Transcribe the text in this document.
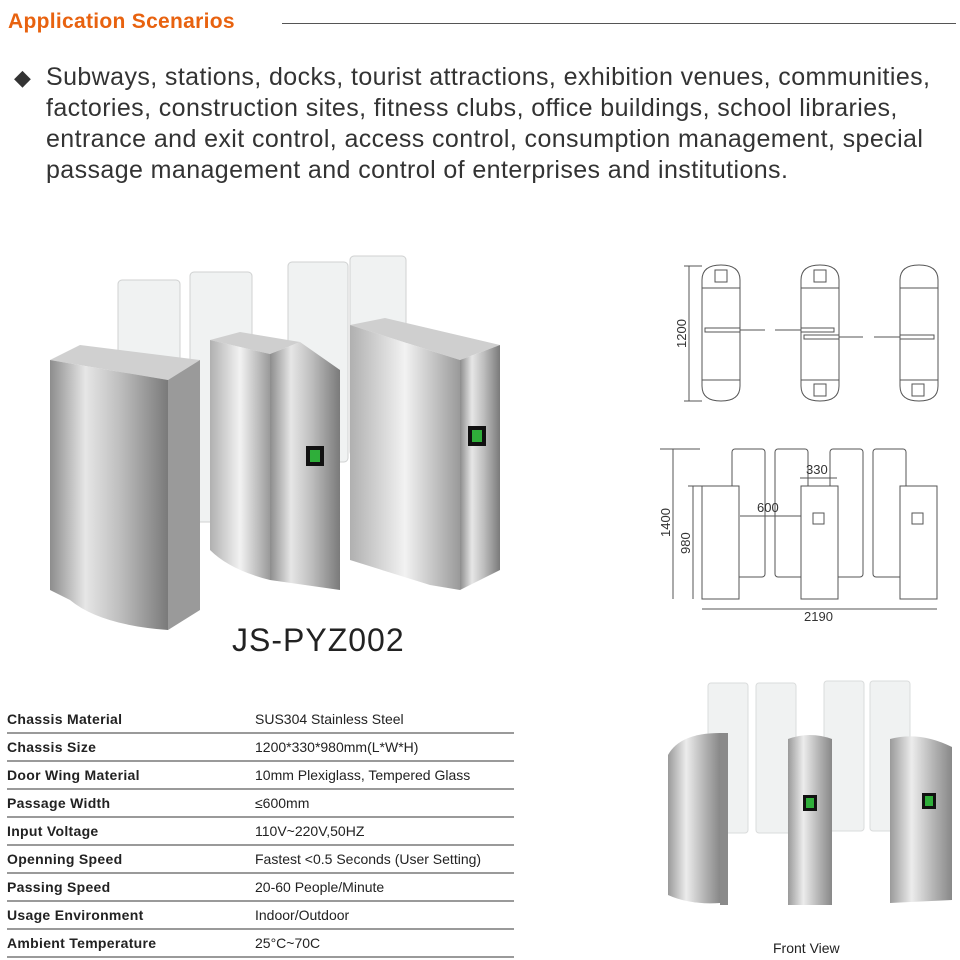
Application Scenarios
◆ Subways, stations, docks, tourist attractions, exhibition venues, communities, factories, construction sites, fitness clubs, office buildings, school libraries, entrance and exit control, access control, consumption management, special passage management and control of enterprises and institutions.
JS-PYZ002
1200
1400
980
330
600
2190
Chassis Material	SUS304 Stainless Steel
Chassis Size	1200*330*980mm(L*W*H)
Door Wing Material	10mm Plexiglass, Tempered Glass
Passage Width	≤600mm
Input Voltage	110V~220V,50HZ
Openning Speed	Fastest <0.5 Seconds (User Setting)
Passing Speed	20-60 People/Minute
Usage Environment	Indoor/Outdoor
Ambient Temperature	25°C~70C	Front View
